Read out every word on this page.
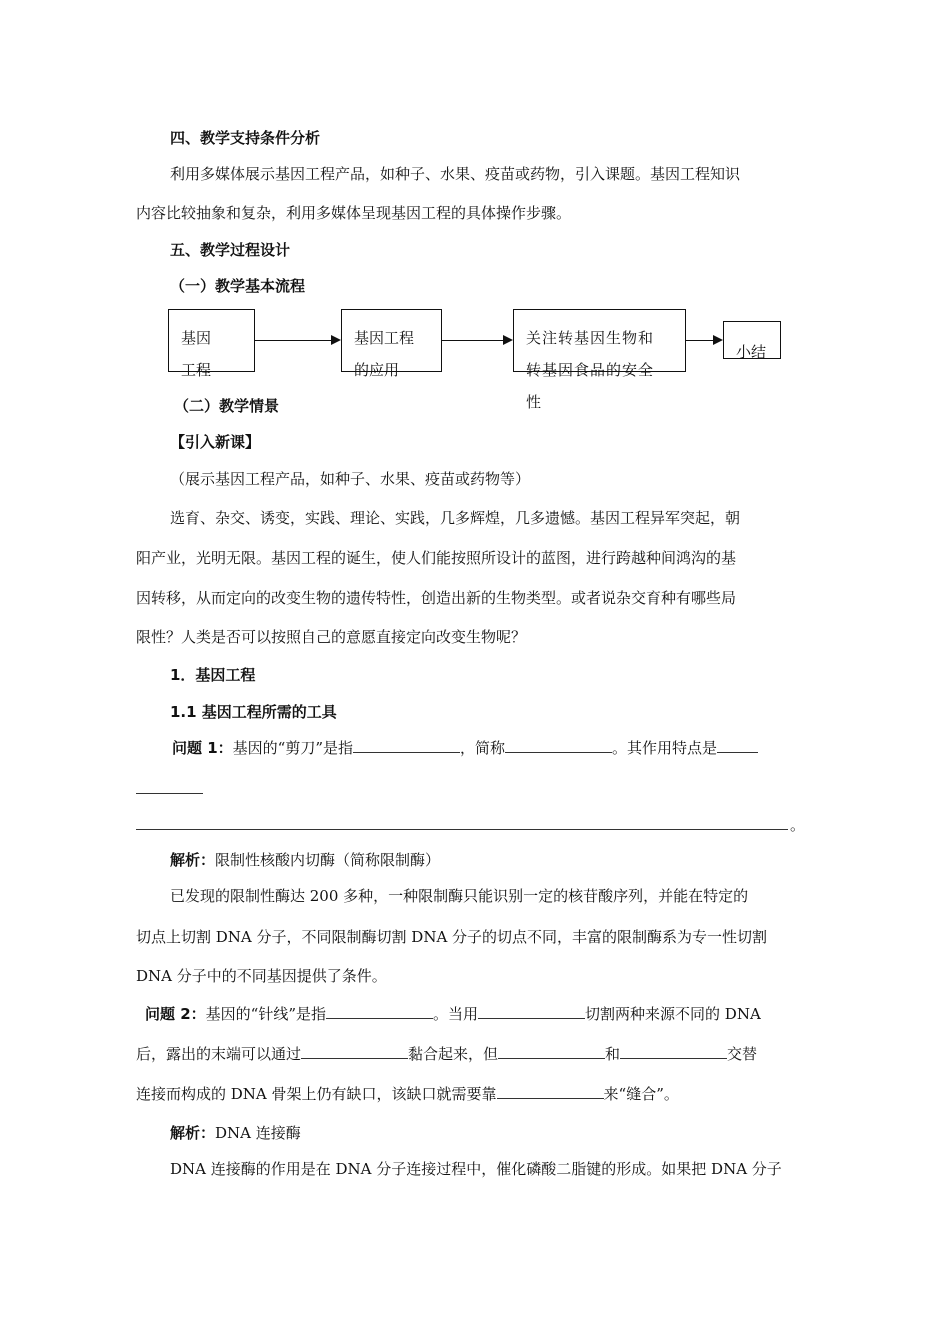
四、教学支持条件分析
利用多媒体展示基因工程产品，如种子、水果、疫苗或药物，引入课题。基因工程知识
内容比较抽象和复杂，利用多媒体呈现基因工程的具体操作步骤。
五、教学过程设计
（一）教学基本流程
基因
工程
基因工程
的应用
关注转基因生物和
转基因食品的安全
性
小结
（二）教学情景
【引入新课】
（展示基因工程产品，如种子、水果、疫苗或药物等）
选育、杂交、诱变，实践、理论、实践，几多辉煌，几多遗憾。基因工程异军突起，朝
阳产业，光明无限。基因工程的诞生，使人们能按照所设计的蓝图，进行跨越种间鸿沟的基
因转移，从而定向的改变生物的遗传特性，创造出新的生物类型。或者说杂交育种有哪些局
限性？人类是否可以按照自己的意愿直接定向改变生物呢？
1．基因工程
1.1 基因工程所需的工具
问题 1：基因的“剪刀”是指	，简称	。其作用特点是
。
解析：限制性核酸内切酶（简称限制酶）
已发现的限制性酶达 200 多种，一种限制酶只能识别一定的核苷酸序列，并能在特定的
切点上切割 DNA 分子，不同限制酶切割 DNA 分子的切点不同，丰富的限制酶系为专一性切割
DNA 分子中的不同基因提供了条件。
问题 2：基因的“针线”是指	。当用	切割两种来源不同的 DNA
后，露出的末端可以通过	黏合起来，但	和	交替
连接而构成的 DNA 骨架上仍有缺口，该缺口就需要靠	来“缝合”。
解析：DNA 连接酶
DNA 连接酶的作用是在 DNA 分子连接过程中，催化磷酸二脂键的形成。如果把 DNA 分子
